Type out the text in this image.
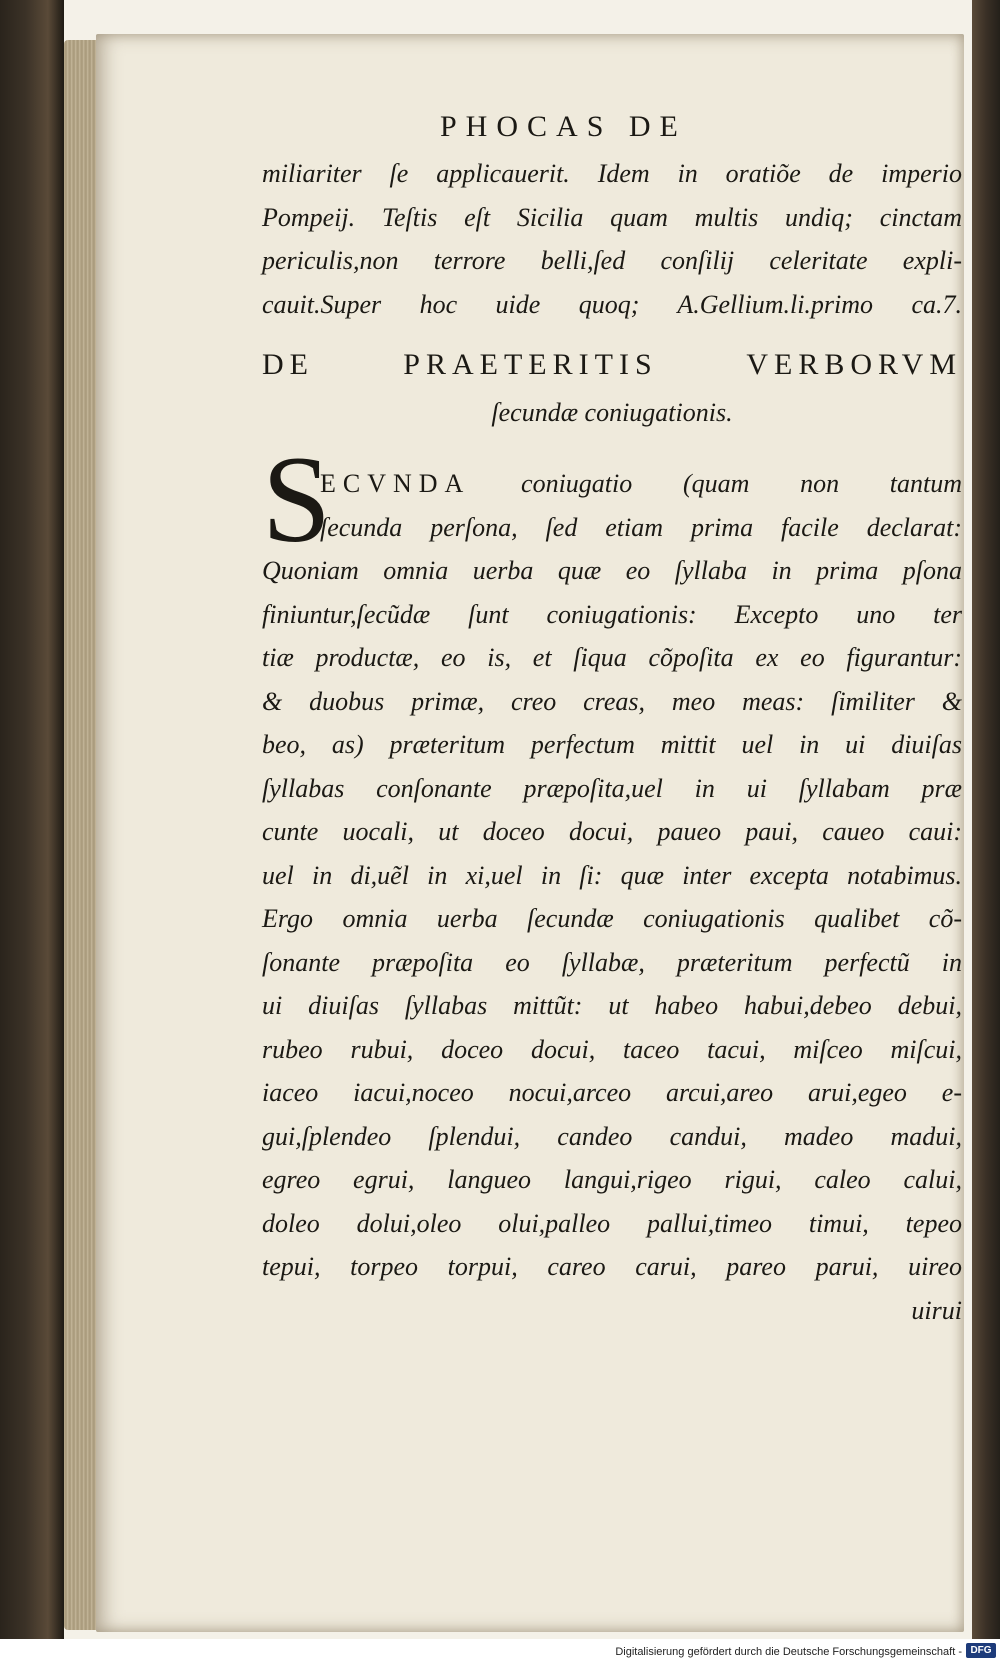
PHOCAS DE
miliariter ſe applicauerit. Idem in oratiõe de imperio
Pompeij. Teſtis eſt Sicilia quam multis undiq; cinctam
periculis,non terrore belli,ſed conſilij celeritate expli-
cauit.Super hoc uide quoq; A.Gellium.li.primo ca.7.
DE PRAETERITIS VERBORVM
ſecundæ coniugationis.
S
ECVNDA coniugatio (quam non tantum
ſecunda perſona, ſed etiam prima facile declarat:
Quoniam omnia uerba quæ eo ſyllaba in prima pſona
finiuntur,ſecũdæ ſunt coniugationis: Excepto uno ter
tiæ productæ, eo is, et ſiqua cõpoſita ex eo figurantur:
& duobus primæ, creo creas, meo meas: ſimiliter &
beo, as) præteritum perfectum mittit uel in ui diuiſas
ſyllabas conſonante præpoſita,uel in ui ſyllabam præ
cunte uocali, ut doceo docui, paueo paui, caueo caui:
uel in di,uẽl in xi,uel in ſi: quæ inter excepta notabimus.
Ergo omnia uerba ſecundæ coniugationis qualibet cõ-
ſonante præpoſita eo ſyllabæ, præteritum perfectũ in
ui diuiſas ſyllabas mittũt: ut habeo habui,debeo debui,
rubeo rubui, doceo docui, taceo tacui, miſceo miſcui,
iaceo iacui,noceo nocui,arceo arcui,areo arui,egeo e-
gui,ſplendeo ſplendui, candeo candui, madeo madui,
egreo egrui, langueo langui,rigeo rigui, caleo calui,
doleo dolui,oleo olui,palleo pallui,timeo timui, tepeo
tepui, torpeo torpui, careo carui, pareo parui, uireo
uirui
Digitalisierung gefördert durch die Deutsche Forschungsgemeinschaft - DFG
